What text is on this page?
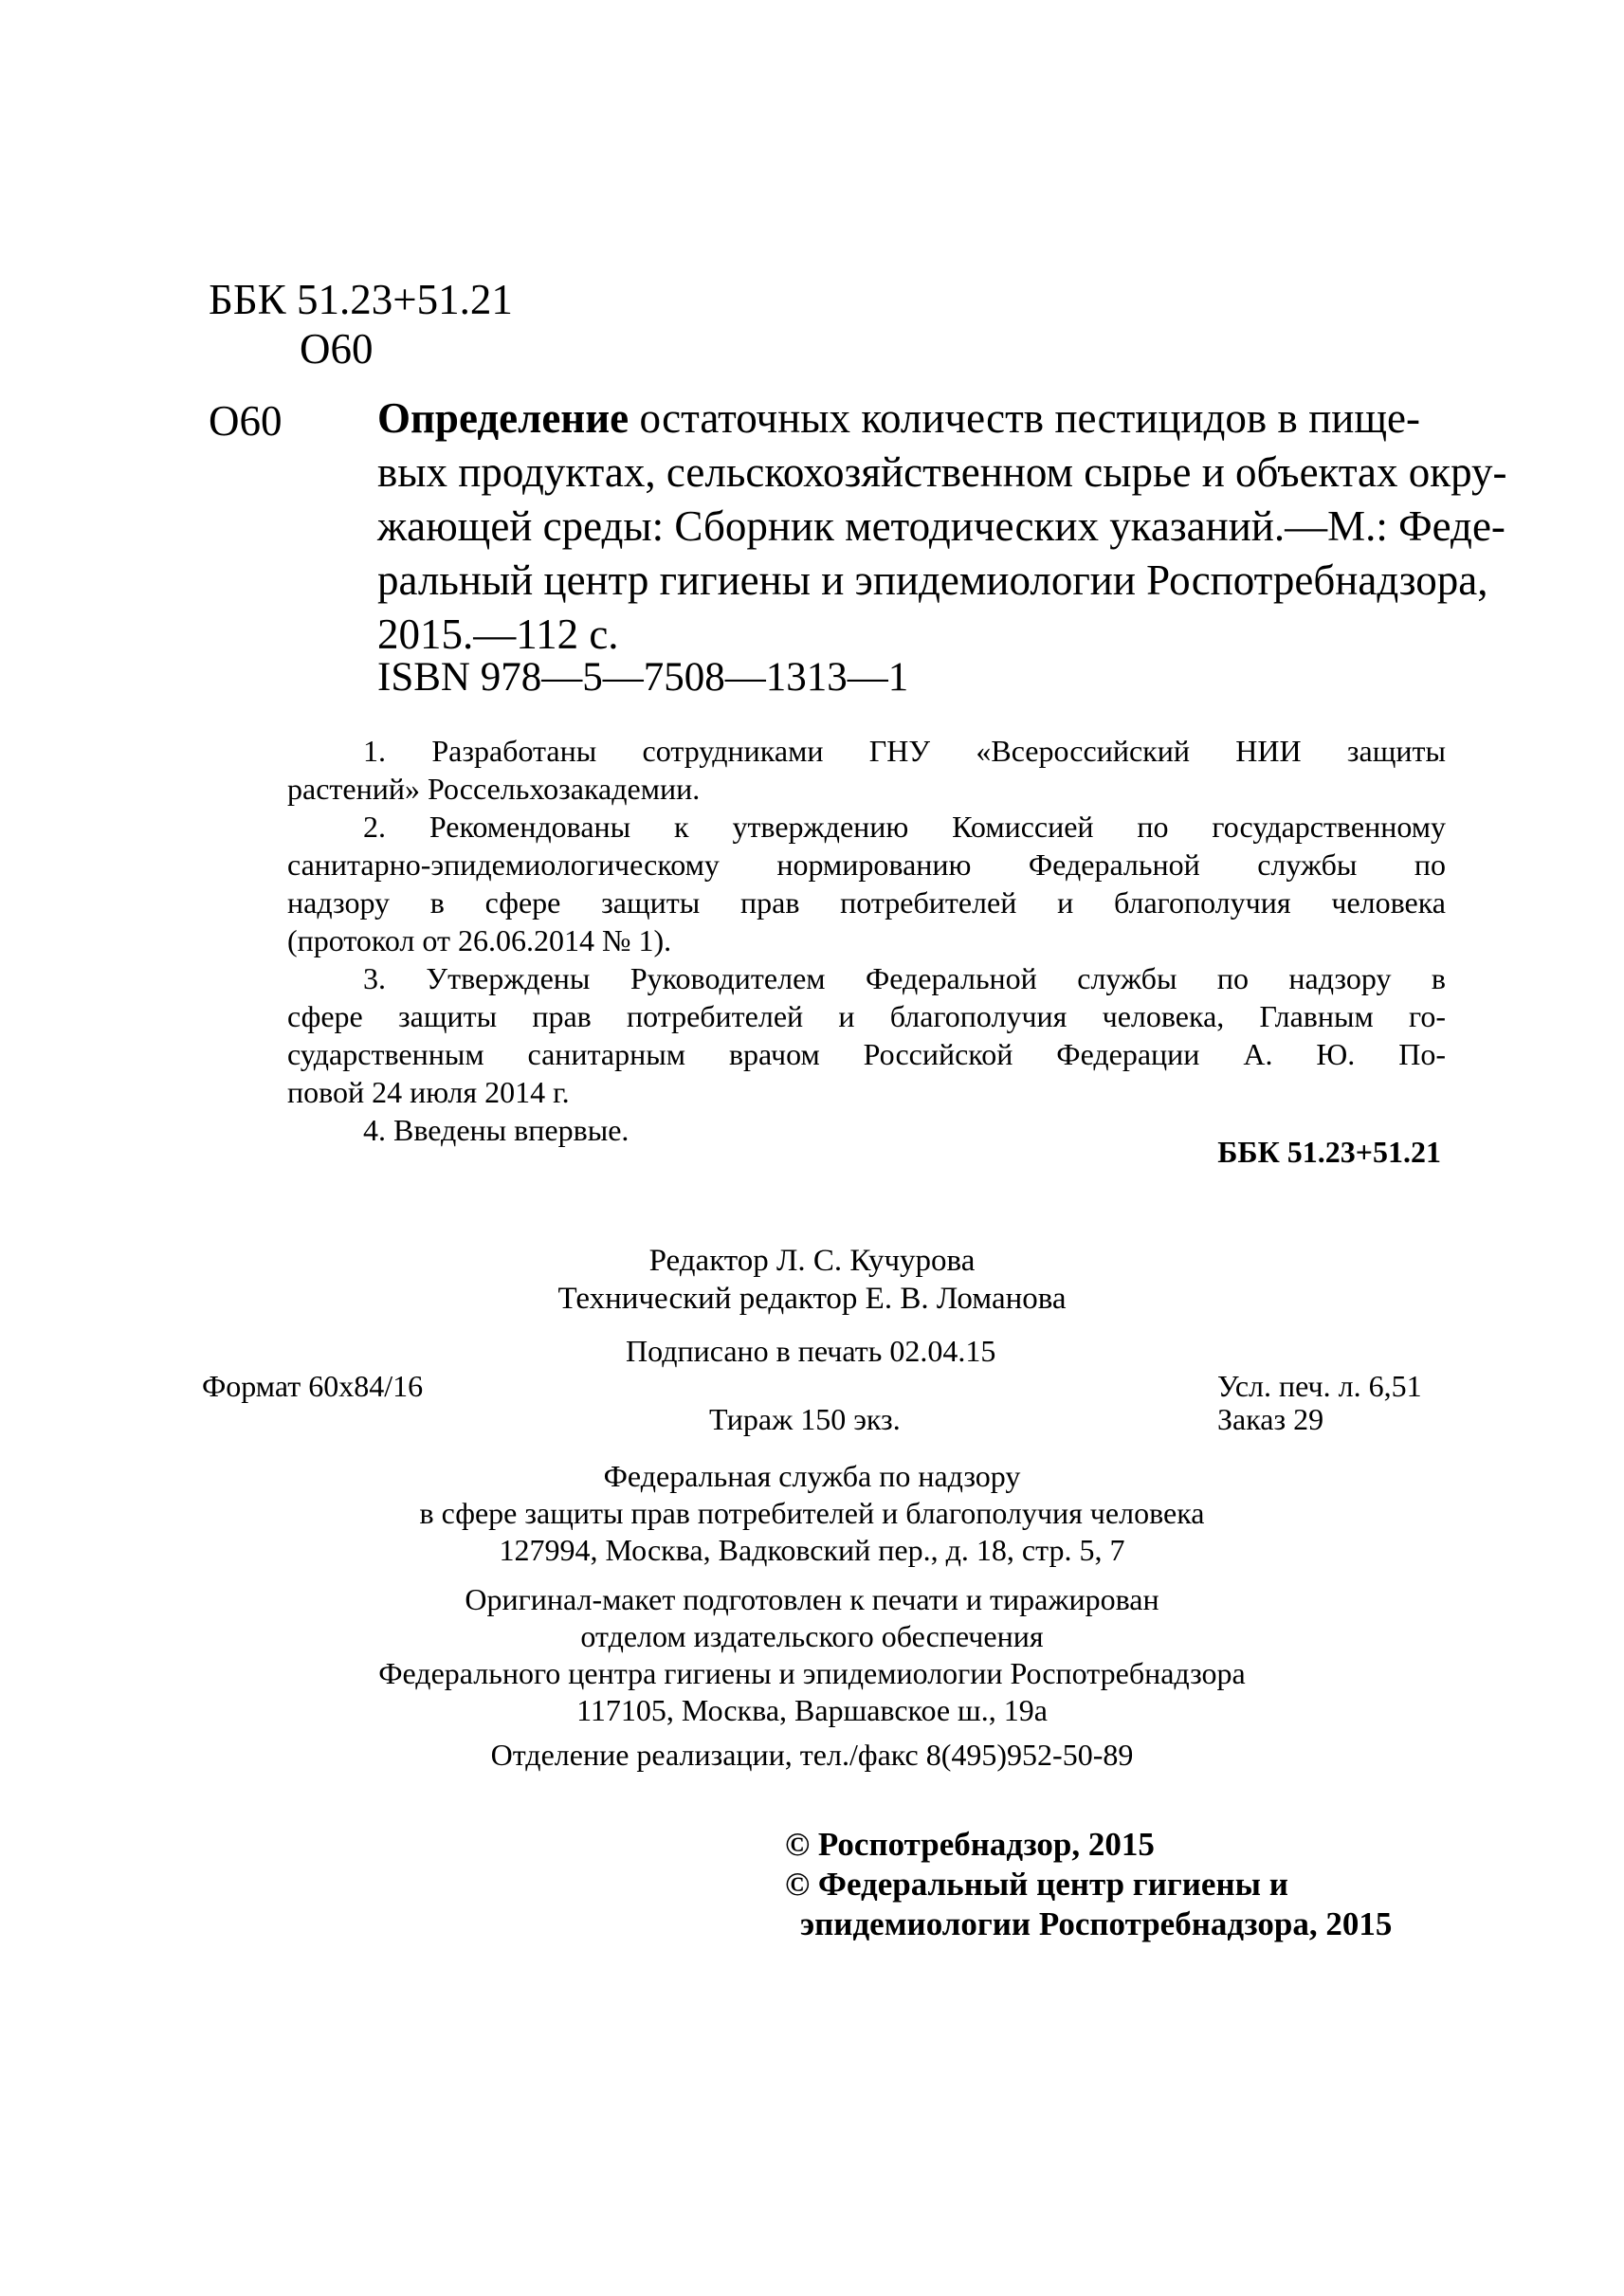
ББК 51.23+51.21
О60
О60 Определение остаточных количеств пестицидов в пище-
вых продуктах, сельскохозяйственном сырье и объектах окру-
жающей среды: Сборник методических указаний.—М.: Феде-
ральный центр гигиены и эпидемиологии Роспотребнадзора,
2015.—112 с.
ISBN 978—5—7508—1313—1
1. Разработаны сотрудниками ГНУ «Всероссийский НИИ защиты
растений» Россельхозакадемии.
2. Рекомендованы к утверждению Комиссией по государственному
санитарно-эпидемиологическому нормированию Федеральной службы по
надзору в сфере защиты прав потребителей и благополучия человека
(протокол от 26.06.2014 № 1).
3. Утверждены Руководителем Федеральной службы по надзору в
сфере защиты прав потребителей и благополучия человека, Главным го-
сударственным санитарным врачом Российской Федерации А. Ю. По-
повой 24 июля 2014 г.
4. Введены впервые.
ББК 51.23+51.21
Редактор Л. С. Кучурова
Технический редактор Е. В. Ломанова
Подписано в печать 02.04.15
Формат 60x84/16	Усл. печ. л. 6,51
Тираж 150 экз.	Заказ 29
Федеральная служба по надзору
в сфере защиты прав потребителей и благополучия человека
127994, Москва, Вадковский пер., д. 18, стр. 5, 7
Оригинал-макет подготовлен к печати и тиражирован
отделом издательского обеспечения
Федерального центра гигиены и эпидемиологии Роспотребнадзора
117105, Москва, Варшавское ш., 19а
Отделение реализации, тел./факс 8(495)952-50-89
© Роспотребнадзор, 2015
© Федеральный центр гигиены и
эпидемиологии Роспотребнадзора, 2015
